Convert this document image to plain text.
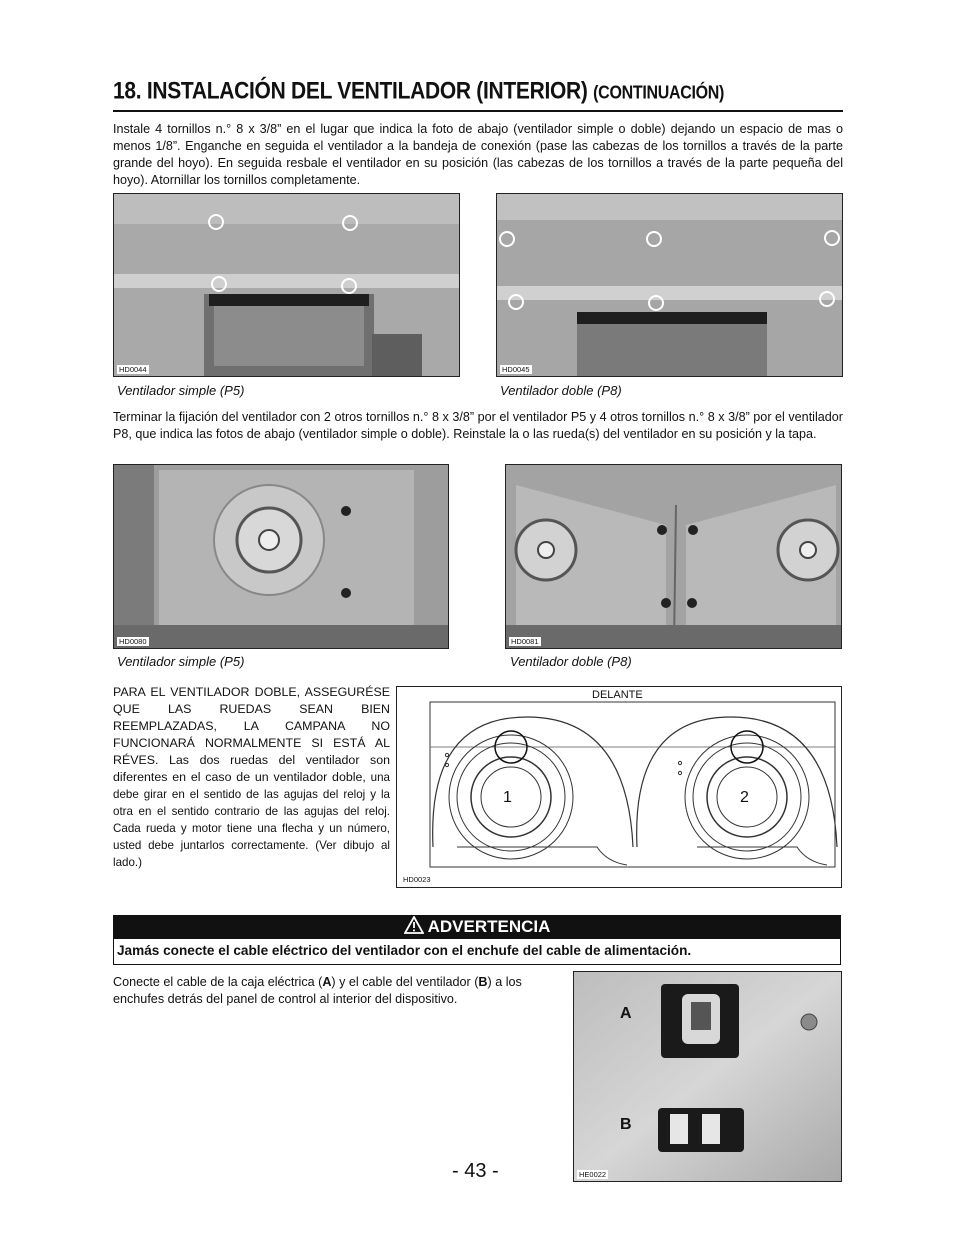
18. INSTALACIÓN DEL VENTILADOR (INTERIOR) (CONTINUACIÓN)
Instale 4 tornillos n.° 8 x 3/8” en el lugar que indica la foto de abajo (ventilador simple o doble) dejando un espacio de mas o menos 1/8”. Enganche en seguida el ventilador a la bandeja de conexión (pase las cabezas de los tornillos a través de la parte grande del hoyo). En seguida resbale el ventilador en su posición (las cabezas de los tornillos a través de la parte pequeña del hoyo). Atornillar los tornillos completamente.
HD0044	HD0045
Ventilador simple (P5)	Ventilador doble (P8)
Terminar la fijación del ventilador con 2 otros tornillos n.° 8 x 3/8” por el ventilador P5 y 4 otros tornillos n.° 8 x 3/8” por el ventilador P8, que indica las fotos de abajo (ventilador simple o doble). Reinstale la o las rueda(s) del ventilador en su posición y la tapa.
HD0080	HD0081
Ventilador simple (P5)	Ventilador doble (P8)
PARA EL VENTILADOR DOBLE, ASSEGURÉSE QUE LAS RUEDAS SEAN BIEN REEMPLAZADAS, LA CAMPANA NO FUNCIONARÁ NORMALMENTE SI ESTÁ AL RÉVES. Las dos ruedas del ventilador son diferentes en el caso de un ventilador doble, una debe girar en el sentido de las agujas del reloj y la otra en el sentido contrario de las agujas del reloj. Cada rueda y motor tiene una flecha y un número, usted debe juntarlos correctamente. (Ver dibujo al lado.)
DELANTE
1	2
HD0023
ADVERTENCIA
Jamás conecte el cable eléctrico del ventilador con el enchufe del cable de alimentación.
Conecte el cable de la caja eléctrica (A) y el cable del ventilador (B) a los enchufes detrás del panel de control al interior del dispositivo.
A
B
HE0022
- 43 -
